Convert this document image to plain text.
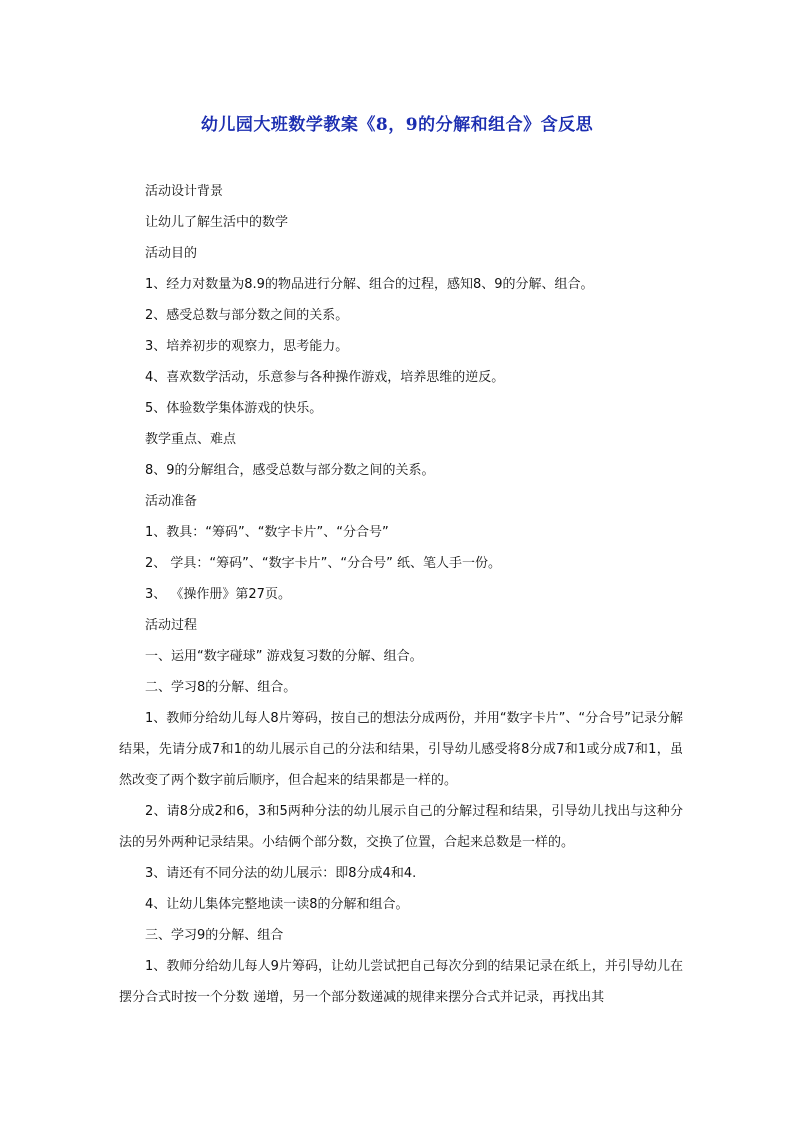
幼儿园大班数学教案《8，9的分解和组合》含反思

活动设计背景

让幼儿了解生活中的数学

活动目的

1、经力对数量为8.9的物品进行分解、组合的过程，感知8、9的分解、组合。

2、感受总数与部分数之间的关系。

3、培养初步的观察力，思考能力。

4、喜欢数学活动，乐意参与各种操作游戏，培养思维的逆反。

5、体验数学集体游戏的快乐。

教学重点、难点

8、9的分解组合，感受总数与部分数之间的关系。

活动准备

1、教具：“筹码”、“数字卡片”、“分合号”

2、 学具：“筹码”、“数字卡片”、“分合号” 纸、笔人手一份。

3、 《操作册》第27页。

活动过程

一、运用“数字碰球” 游戏复习数的分解、组合。

二、学习8的分解、组合。

1、教师分给幼儿每人8片筹码，按自己的想法分成两份，并用“数字卡片”、“分合号”记录分解结果，先请分成7和1的幼儿展示自己的分法和结果，引导幼儿感受将8分成7和1或分成7和1，虽然改变了两个数字前后顺序，但合起来的结果都是一样的。

2、请8分成2和6，3和5两种分法的幼儿展示自己的分解过程和结果，引导幼儿找出与这种分法的另外两种记录结果。小结俩个部分数，交换了位置，合起来总数是一样的。

3、请还有不同分法的幼儿展示：即8分成4和4.

4、让幼儿集体完整地读一读8的分解和组合。

三、学习9的分解、组合

1、教师分给幼儿每人9片筹码，让幼儿尝试把自己每次分到的结果记录在纸上，并引导幼儿在摆分合式时按一个分数 递增，另一个部分数递减的规律来摆分合式并记录，再找出其
